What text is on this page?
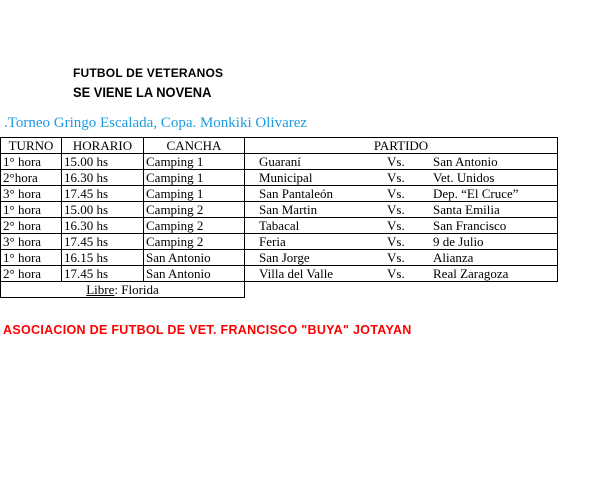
FUTBOL DE VETERANOS
SE VIENE LA NOVENA
.Torneo Gringo Escalada, Copa. Monkiki Olivarez
TURNO	HORARIO	CANCHA	PARTIDO
1° hora	15.00 hs	Camping 1	Guaraní Vs. San Antonio

2°hora	16.30 hs	Camping 1	Municipal Vs. Vet. Unidos

3° hora	17.45 hs	Camping 1	San Pantaleón Vs. Dep. “El Cruce”

1° hora	15.00 hs	Camping 2	San Martin Vs. Santa Emilia

2° hora	16.30 hs	Camping 2	Tabacal Vs. San Francisco

3° hora	17.45 hs	Camping 2	Feria Vs. 9 de Julio

1° hora	16.15 hs	San Antonio	San Jorge Vs. Alianza

2° hora	17.45 hs	San Antonio	Villa del Valle Vs. Real Zaragoza

Libre: Florida			
ASOCIACION DE FUTBOL DE VET. FRANCISCO "BUYA" JOTAYAN
